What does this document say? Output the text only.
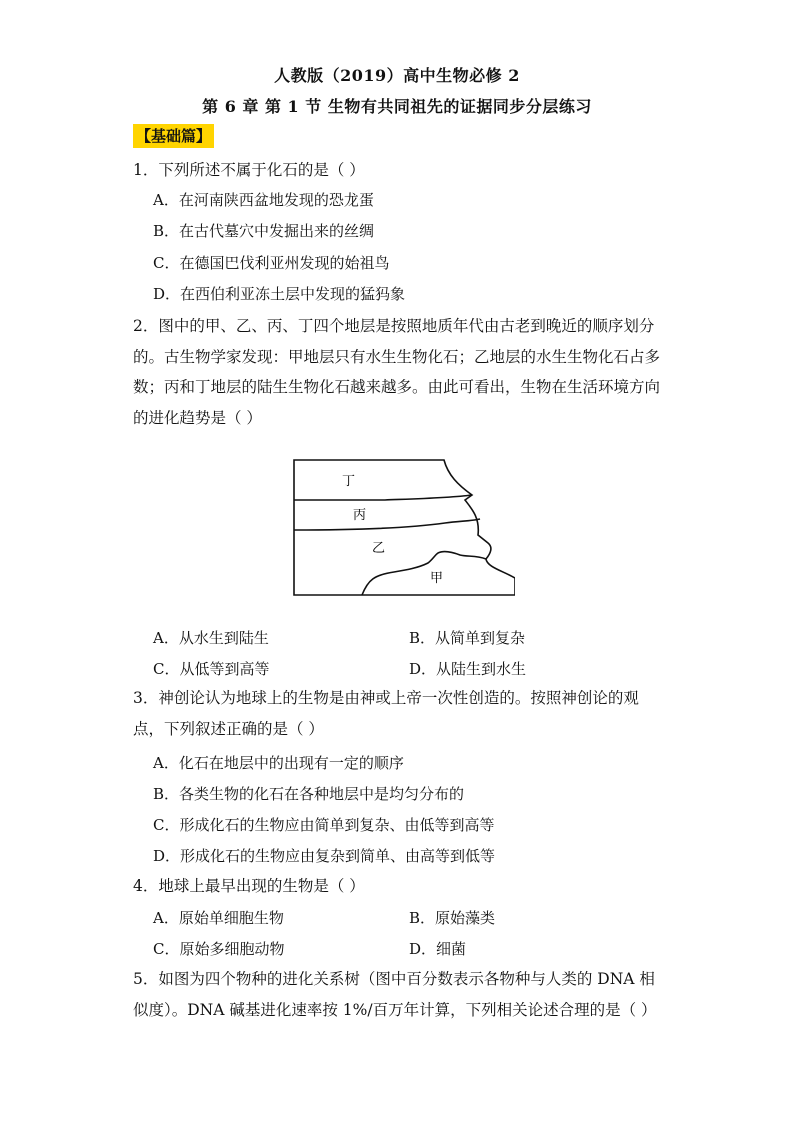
人教版（2019）高中生物必修 2
第 6 章 第 1 节 生物有共同祖先的证据同步分层练习
【基础篇】
1．下列所述不属于化石的是（ ）
A．在河南陕西盆地发现的恐龙蛋
B．在古代墓穴中发掘出来的丝绸
C．在德国巴伐利亚州发现的始祖鸟
D．在西伯利亚冻土层中发现的猛犸象
2．图中的甲、乙、丙、丁四个地层是按照地质年代由古老到晚近的顺序划分的。古生物学家发现：甲地层只有水生生物化石；乙地层的水生生物化石占多数；丙和丁地层的陆生生物化石越来越多。由此可看出，生物在生活环境方向的进化趋势是（ ）
丁
丙
乙
甲
A．从水生到陆生	B．从简单到复杂
C．从低等到高等	D．从陆生到水生
3．神创论认为地球上的生物是由神或上帝一次性创造的。按照神创论的观点，下列叙述正确的是（ ）
A．化石在地层中的出现有一定的顺序
B．各类生物的化石在各种地层中是均匀分布的
C．形成化石的生物应由简单到复杂、由低等到高等
D．形成化石的生物应由复杂到简单、由高等到低等
4．地球上最早出现的生物是（ ）
A．原始单细胞生物	B．原始藻类
C．原始多细胞动物	D．细菌
5．如图为四个物种的进化关系树（图中百分数表示各物种与人类的 DNA 相似度）。DNA 碱基进化速率按 1%/百万年计算，下列相关论述合理的是（ ）
